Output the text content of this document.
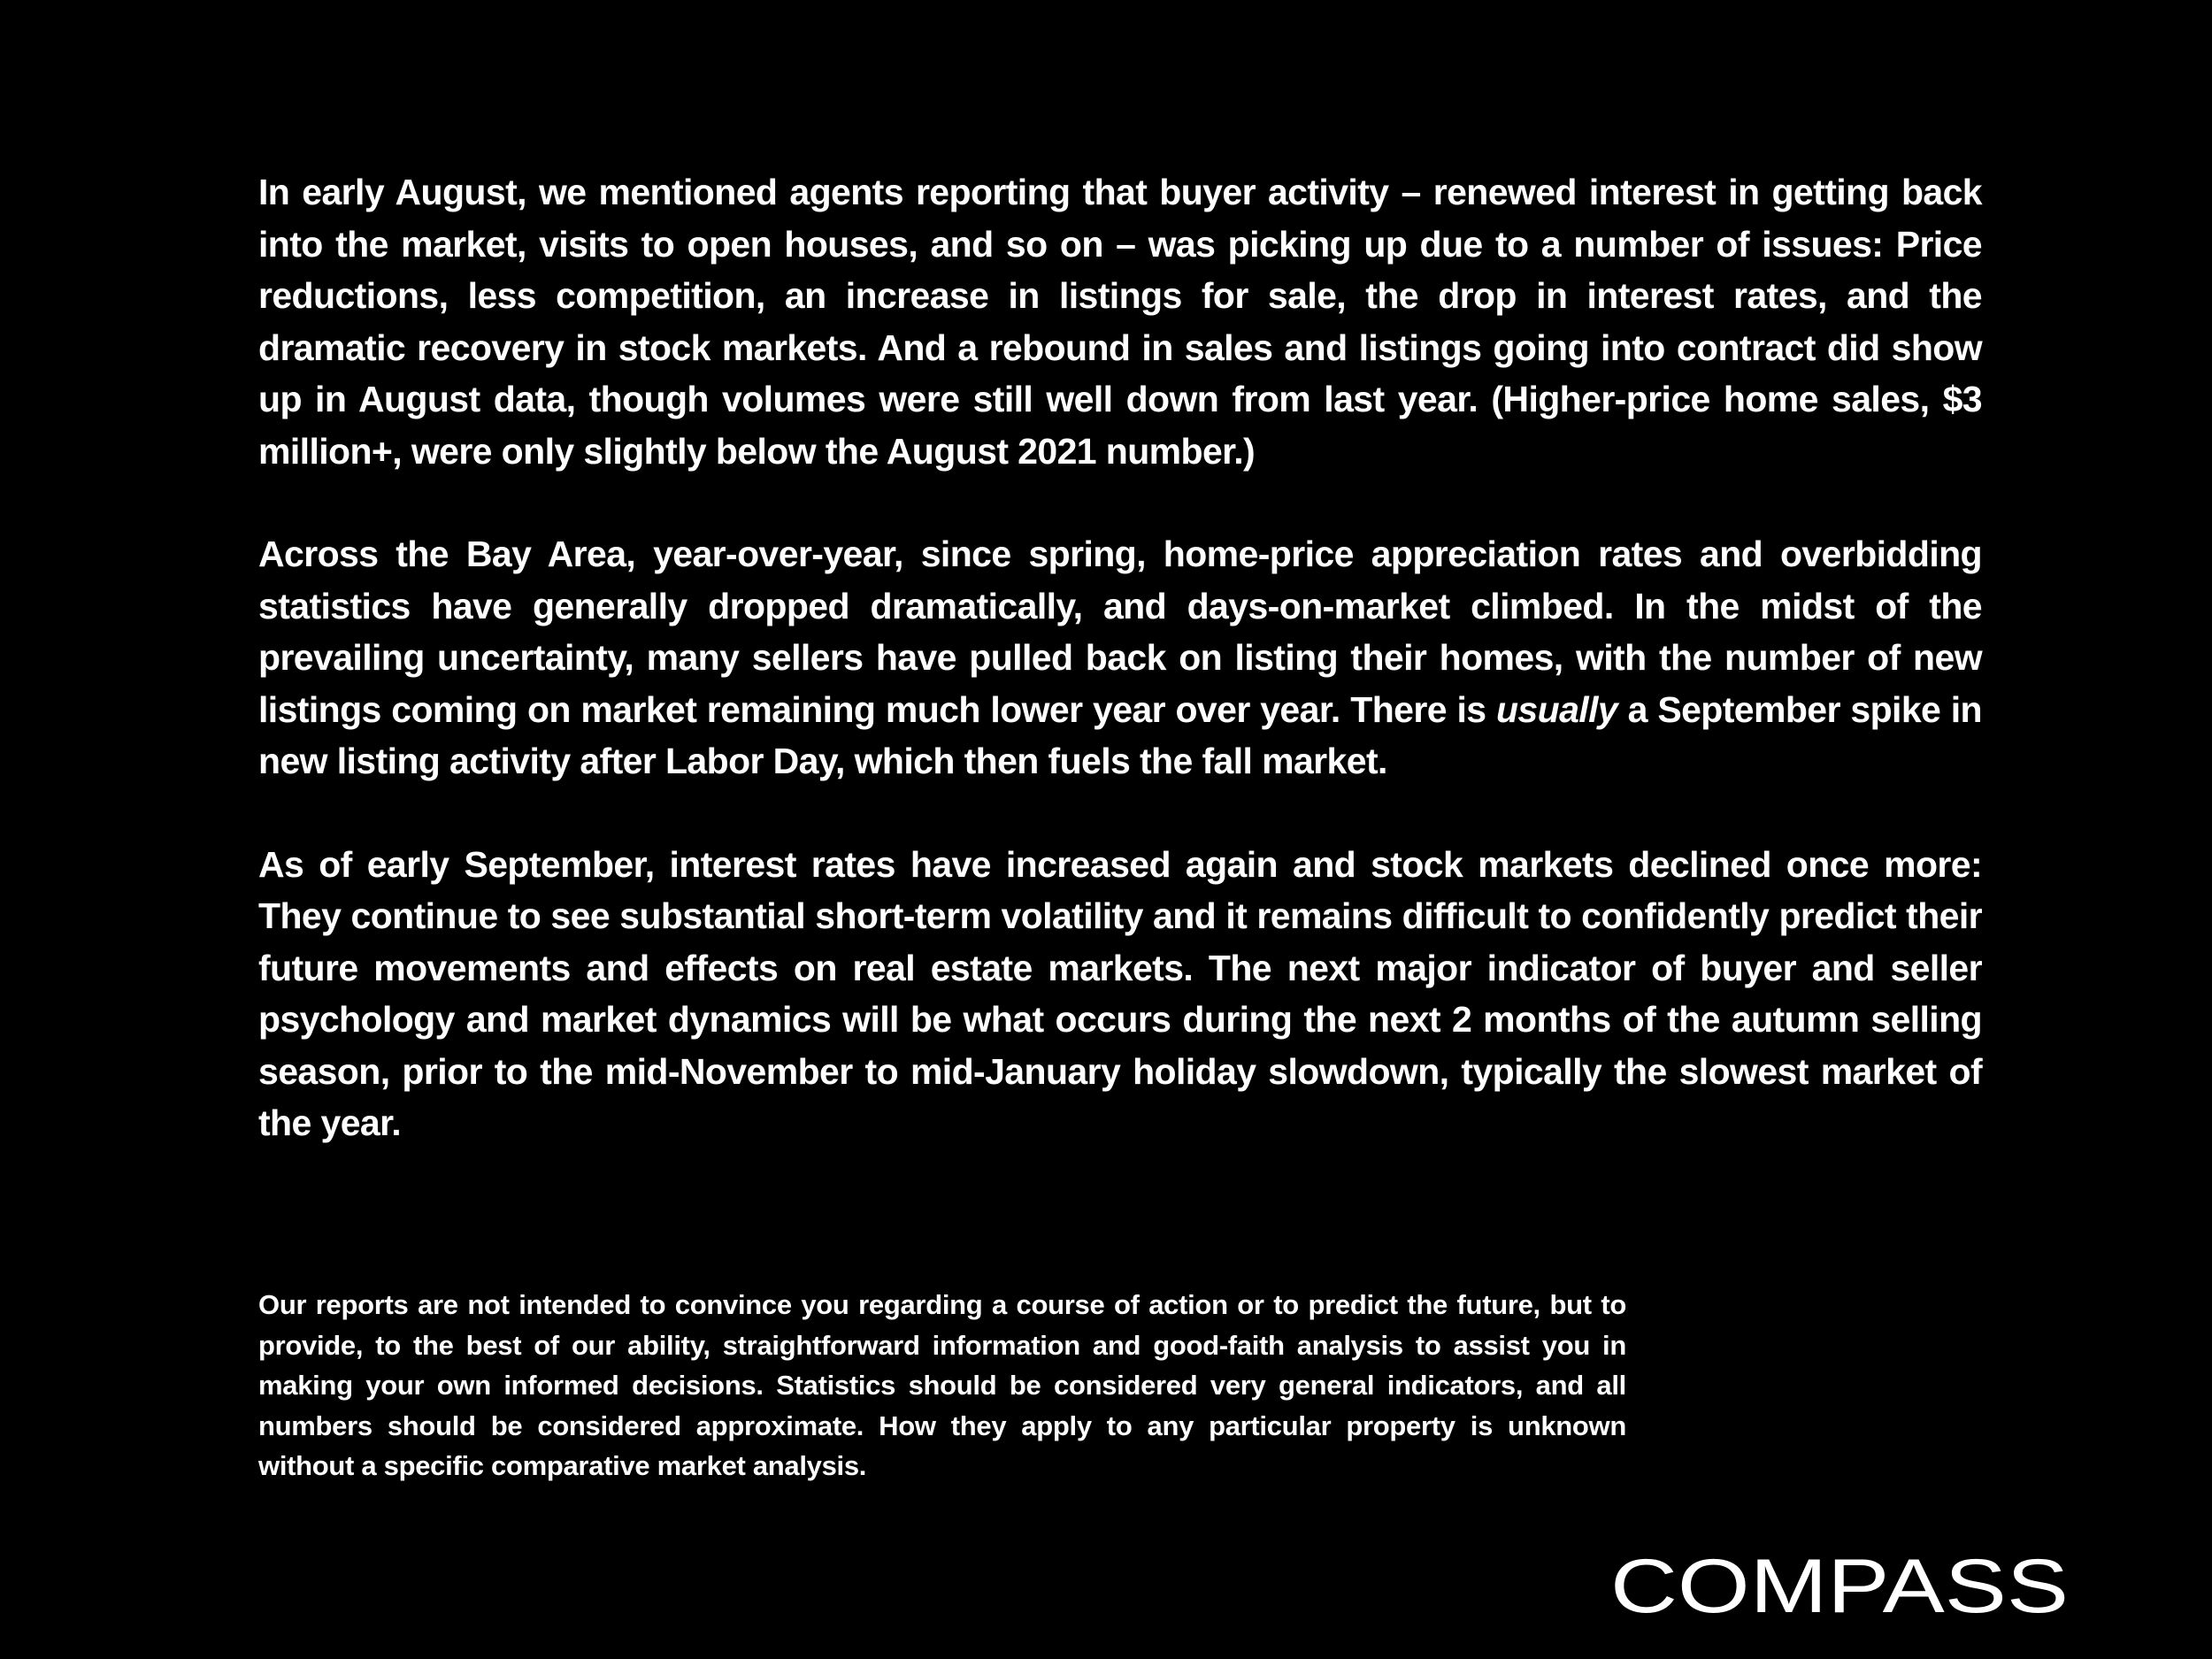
In early August, we mentioned agents reporting that buyer activity – renewed interest in getting back into the market, visits to open houses, and so on – was picking up due to a number of issues: Price reductions, less competition, an increase in listings for sale, the drop in interest rates, and the dramatic recovery in stock markets. And a rebound in sales and listings going into contract did show up in August data, though volumes were still well down from last year. (Higher-price home sales, $3 million+, were only slightly below the August 2021 number.)

Across the Bay Area, year-over-year, since spring, home-price appreciation rates and overbidding statistics have generally dropped dramatically, and days-on-market climbed. In the midst of the prevailing uncertainty, many sellers have pulled back on listing their homes, with the number of new listings coming on market remaining much lower year over year. There is usually a September spike in new listing activity after Labor Day, which then fuels the fall market.

As of early September, interest rates have increased again and stock markets declined once more: They continue to see substantial short-term volatility and it remains difficult to confidently predict their future movements and effects on real estate markets. The next major indicator of buyer and seller psychology and market dynamics will be what occurs during the next 2 months of the autumn selling season, prior to the mid-November to mid-January holiday slowdown, typically the slowest market of the year.

Our reports are not intended to convince you regarding a course of action or to predict the future, but to provide, to the best of our ability, straightforward information and good-faith analysis to assist you in making your own informed decisions. Statistics should be considered very general indicators, and all numbers should be considered approximate. How they apply to any particular property is unknown without a specific comparative market analysis.

COMPASS
